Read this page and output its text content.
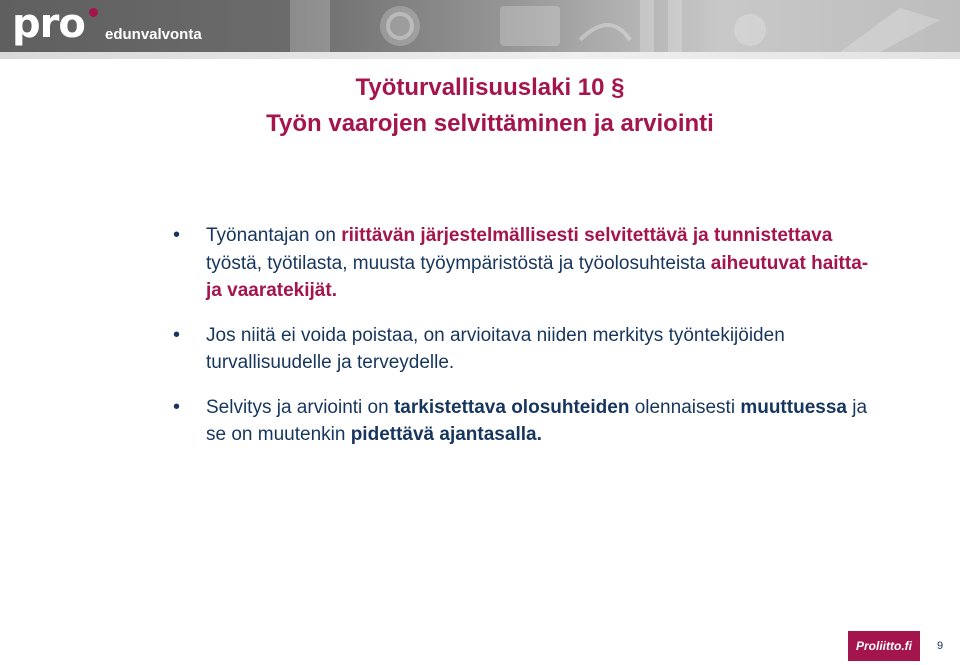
pro edunvalvonta
Työturvallisuuslaki 10 §
Työn vaarojen selvittäminen ja arviointi
• Työnantajan on riittävän järjestelmällisesti selvitettävä ja tunnistettava työstä, työtilasta, muusta työympäristöstä ja työolosuhteista aiheutuvat haitta- ja vaaratekijät.
• Jos niitä ei voida poistaa, on arvioitava niiden merkitys työntekijöiden turvallisuudelle ja terveydelle.
• Selvitys ja arviointi on tarkistettava olosuhteiden olennaisesti muuttuessa ja se on muutenkin pidettävä ajantasalla.
Proliitto.fi	9
